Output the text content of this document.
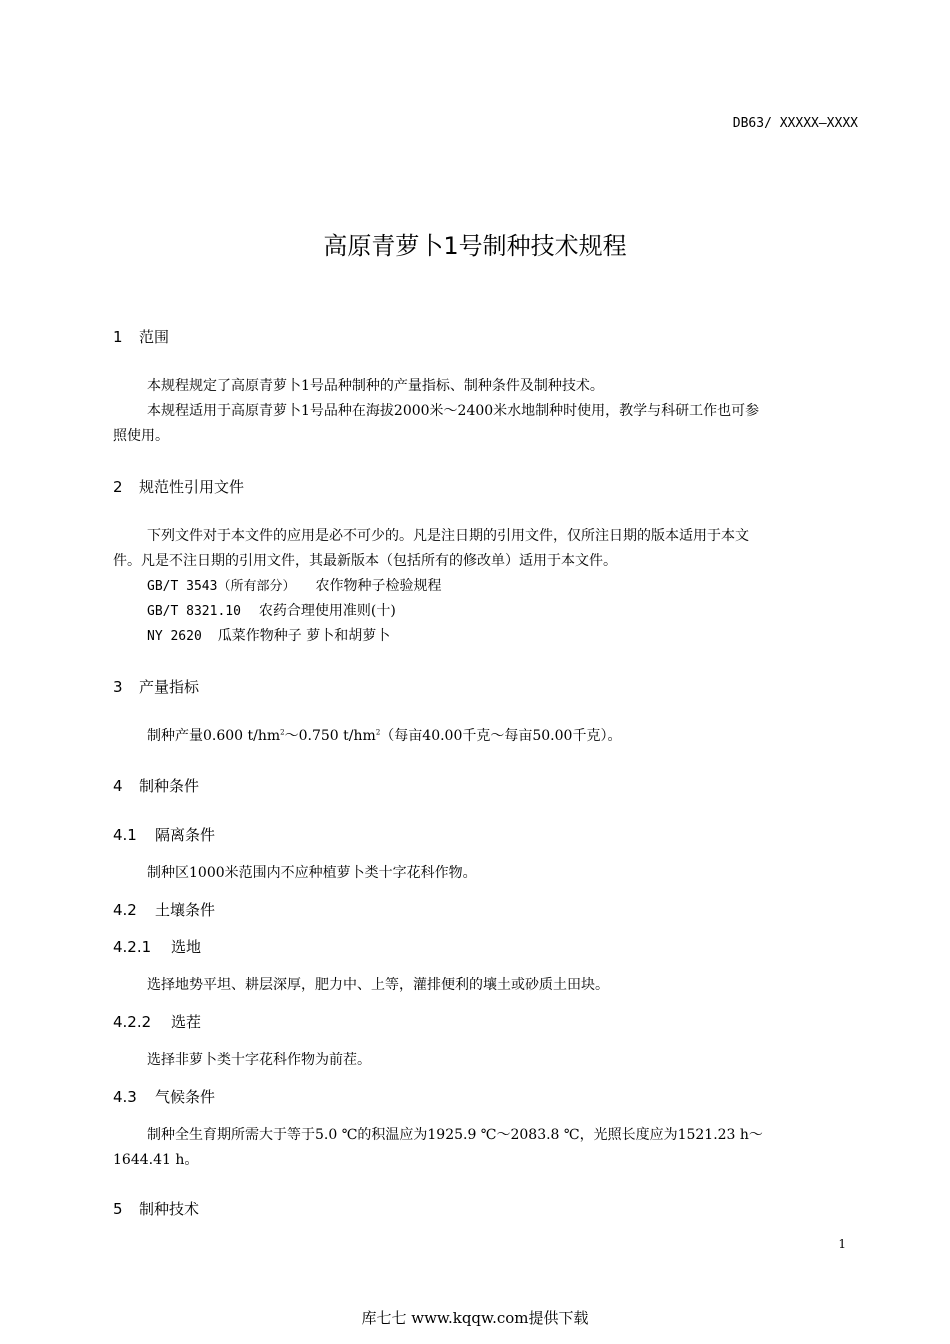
DB63/ XXXXX—XXXX
高原青萝卜1号制种技术规程
1 范围
本规程规定了高原青萝卜1号品种制种的产量指标、制种条件及制种技术。
本规程适用于高原青萝卜1号品种在海拔2000米～2400米水地制种时使用，教学与科研工作也可参
照使用。
2 规范性引用文件
下列文件对于本文件的应用是必不可少的。凡是注日期的引用文件，仅所注日期的版本适用于本文
件。凡是不注日期的引用文件，其最新版本（包括所有的修改单）适用于本文件。
GB/T 3543（所有部分） 农作物种子检验规程
GB/T 8321.10 农药合理使用准则(十)
NY 2620 瓜菜作物种子 萝卜和胡萝卜
3 产量指标
制种产量0.600 $t/hm^2\sim 0.750$ $t/hm^2$（每亩40.00千克～每亩50.00千克）。
4 制种条件
4.1 隔离条件
制种区1000米范围内不应种植萝卜类十字花科作物。
4.2 土壤条件
4.2.1 选地
选择地势平坦、耕层深厚，肥力中、上等，灌排便利的壤土或砂质土田块。
4.2.2 选茬
选择非萝卜类十字花科作物为前茬。
4.3 气候条件
制种全生育期所需大于等于5.0 ℃的积温应为1925.9 ℃～2083.8 ℃，光照长度应为1521.23 h～
1644.41 h。
5 制种技术
1
库七七 www.kqqw.com提供下载
